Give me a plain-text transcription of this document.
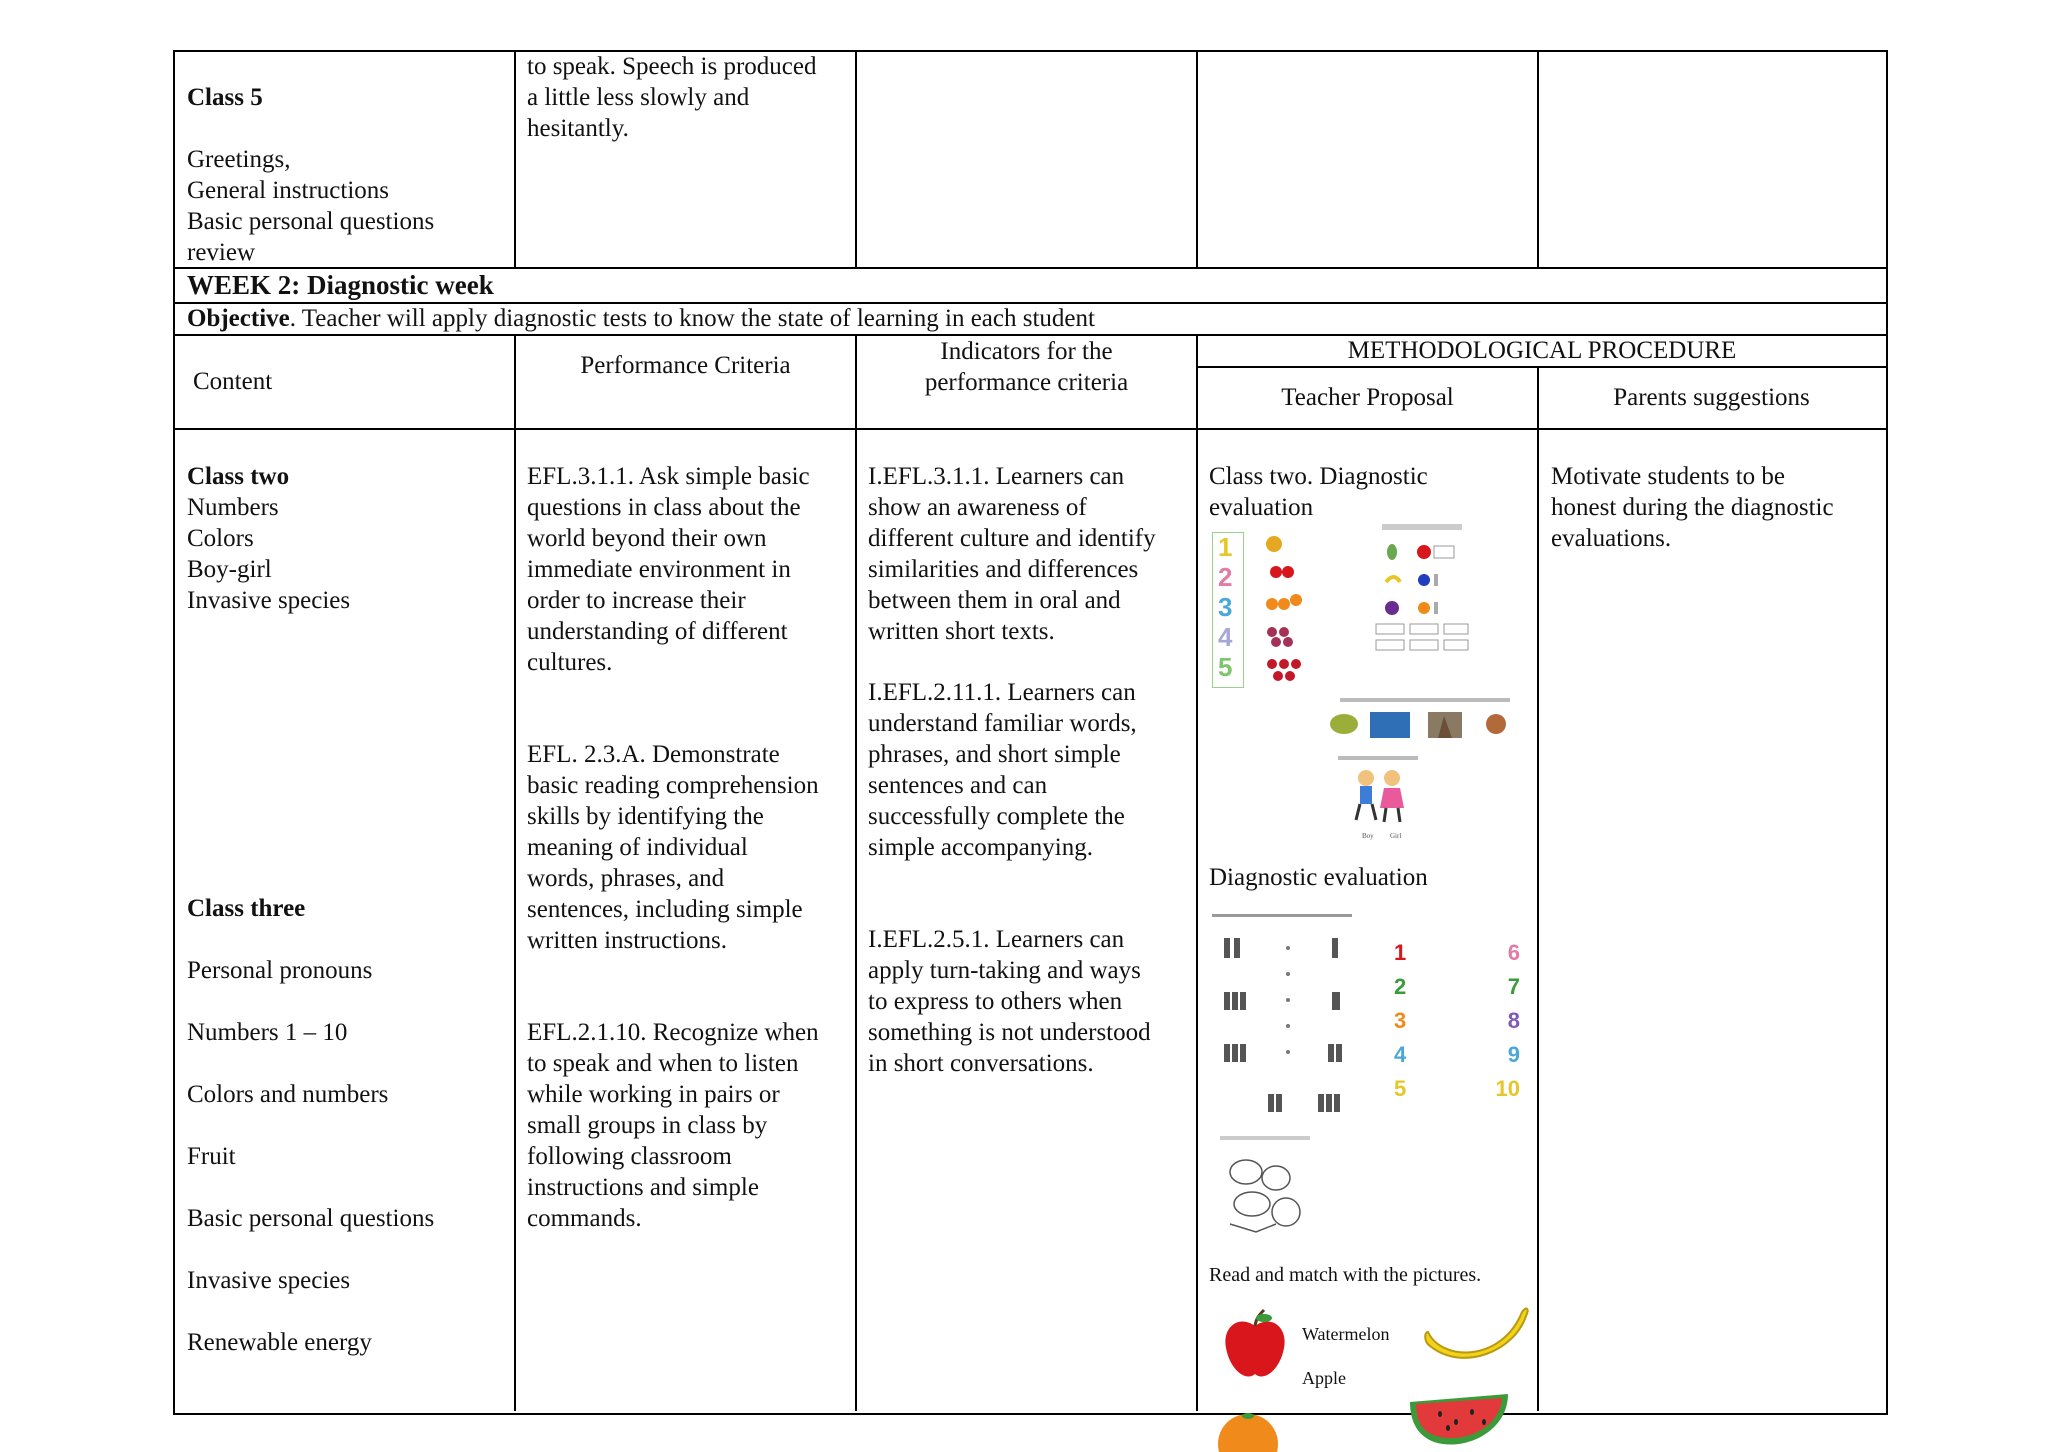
Class 5
Greetings,
General instructions
Basic personal questions
review
to speak. Speech is produced
a little less slowly and
hesitantly.
WEEK 2: Diagnostic week
Objective. Teacher will apply diagnostic tests to know the state of learning in each student
Content
Performance Criteria
Indicators for the
performance criteria
METHODOLOGICAL PROCEDURE
Teacher Proposal	Parents suggestions
Class two
Numbers
Colors
Boy-girl
Invasive species
Class three
Personal pronouns
Numbers 1 – 10
Colors and numbers
Fruit
Basic personal questions
Invasive species
Renewable energy
EFL.3.1.1. Ask simple basic
questions in class about the
world beyond their own
immediate environment in
order to increase their
understanding of different
cultures.
EFL. 2.3.A. Demonstrate
basic reading comprehension
skills by identifying the
meaning of individual
words, phrases, and
sentences, including simple
written instructions.
EFL.2.1.10. Recognize when
to speak and when to listen
while working in pairs or
small groups in class by
following classroom
instructions and simple
commands.
I.EFL.3.1.1. Learners can
show an awareness of
different culture and identify
similarities and differences
between them in oral and
written short texts.
I.EFL.2.11.1. Learners can
understand familiar words,
phrases, and short simple
sentences and can
successfully complete the
simple accompanying.
I.EFL.2.5.1. Learners can
apply turn-taking and ways
to express to others when
something is not understood
in short conversations.
Class two. Diagnostic
evaluation
Diagnostic evaluation
Read and match with the pictures.
1
2
3
4
5
Boy Girl
1
2
3
4
5
6
7
8
9
10
Watermelon
Apple
Motivate students to be
honest during the diagnostic
evaluations.
